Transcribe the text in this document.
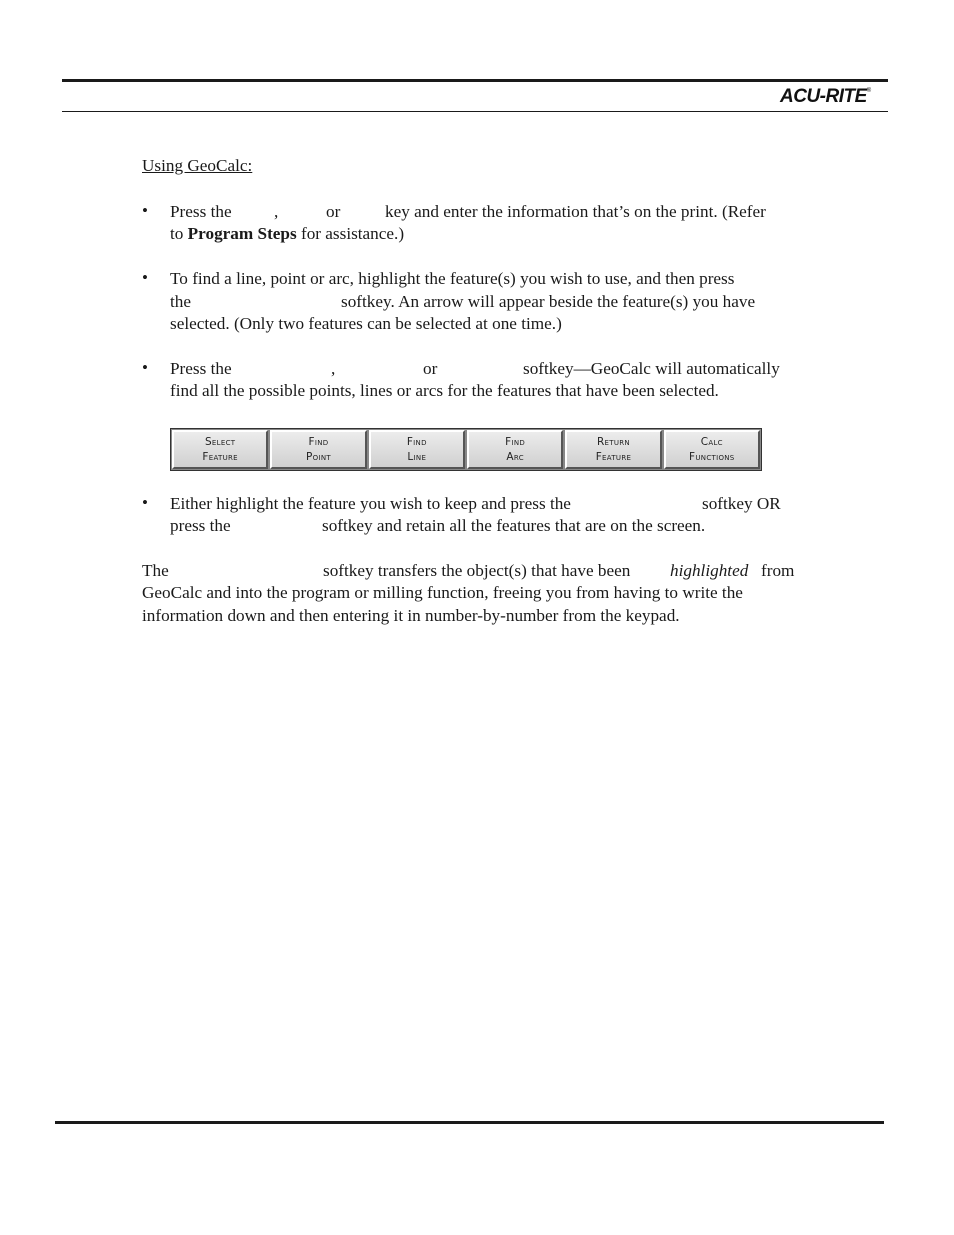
ACU-RITE®
Using GeoCalc:
• Press the ,	or	key and enter the information that’s on the print. (Refer
to Program Steps for assistance.)
• To find a line, point or arc, highlight the feature(s) you wish to use, and then press
the	softkey. An arrow will appear beside the feature(s) you have
selected. (Only two features can be selected at one time.)
• Press the	,	or	softkey—GeoCalc will automatically
find all the possible points, lines or arcs for the features that have been selected.
Select
Feature
Find
Point
Find
Line
Find
Arc
Return
Feature
Calc
Functions
• Either highlight the feature you wish to keep and press the	softkey OR
press the	softkey and retain all the features that are on the screen.
The	softkey transfers the object(s) that have been highlighted from
GeoCalc and into the program or milling function, freeing you from having to write the
information down and then entering it in number-by-number from the keypad.
